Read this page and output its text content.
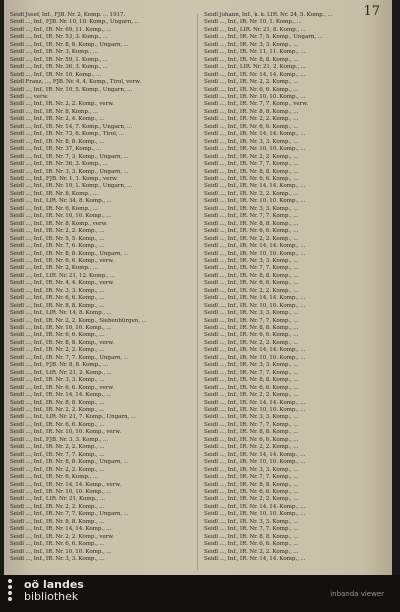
17

Seidl Josef, Inf., FJB. Nr. 2, Komp. ... 1917.

Seidl ..., Inf., FJB. Nr. 10, 10. Komp., Ungarn, ...

Seidl ..., Inf., IR. Nr. 69, 11. Komp., ...

Seidl ..., Inf., IR. Nr. 53, 3. Komp., ...

Seidl ..., Inf., IR. Nr. 8, 8. Komp., Ungarn, ...

Seidl ..., Inf., IR. Nr. 3, Komp., ...

Seidl ..., Inf., IR. Nr. 59, 1. Komp., ...

Seidl ..., Inf., IR. Nr. 36, 3. Komp., ...

Seidl ..., Inf., IR. Nr. 10, Komp., ...

Seidl Franz, ..., FJB. Nr. 4, 4. Komp., Tirol, verw.

Seidl ..., Inf., IR. Nr. 10, 5. Komp., Ungarn, ...

Seidl ..., verw.

Seidl ..., Inf., IR. Nr. 2, 2. Komp., verw.

Seidl ..., Inf., IR. Nr. 8, Komp., ...

Seidl ..., Inf., IR. Nr. 2, 4. Komp., ...

Seidl ..., Inf., IR. Nr. 14, 7. Komp., Ungarn, ...

Seidl ..., Inf., IR. Nr. 73, 6. Komp., Tirol, ...

Seidl ..., Inf., IR. Nr. 8, 8. Komp., ...

Seidl ..., Inf., IR. Nr. 37, Komp., ...

Seidl ..., Inf., IR. Nr. 7, 3. Komp., Ungarn, ...

Seidl ..., Inf., IR. Nr. 36, 3. Komp., ...

Seidl ..., Inf., IR. Nr. 3, 3. Komp., Ungarn, ...

Seidl ..., Inf., FJB. Nr. 1, 1. Komp., verw.

Seidl ..., Inf., IR. Nr. 10, 1. Komp., Ungarn, ...

Seidl ..., Inf., IR. Nr. 8, Komp., ...

Seidl ..., Inf., LIR. Nr. 34, 8. Komp., ...

Seidl ..., Inf., IR. Nr. 6, Komp., ...

Seidl ..., Inf., IR. Nr. 10, 10. Komp., ...

Seidl ..., Inf., IR. Nr. 8, Komp., verw.

Seidl ..., Inf., IR. Nr. 2, 2. Komp., ...

Seidl ..., Inf., IR. Nr. 5, 5. Komp., ...

Seidl ..., Inf., IR. Nr. 7, 6. Komp., ...

Seidl ..., Inf., IR. Nr. 8, 8. Komp., Ungarn, ...

Seidl ..., Inf., IR. Nr. 6, 6. Komp., verw.

Seidl ..., Inf., IR. Nr. 2, Komp., ...

Seidl ..., Inf., LIR. Nr. 21, 12. Komp., ...

Seidl ..., Inf., IR. Nr. 4, 4. Komp., verw.

Seidl ..., Inf., IR. Nr. 3, 3. Komp., ...

Seidl ..., Inf., IR. Nr. 6, 6. Komp., ...

Seidl ..., Inf., IR. Nr. 8, 8. Komp., ...

Seidl ..., Inf., LIR. Nr. 14, 8. Komp., ...

Seidl ..., Inf., IR. Nr. 2, 2. Komp., Siebenbürgen, ...

Seidl ..., Inf., IR. Nr. 10, 10. Komp., ...

Seidl ..., Inf., IR. Nr. 6, 6. Komp., ...

Seidl ..., Inf., IR. Nr. 8, 8. Komp., verw.

Seidl ..., Inf., IR. Nr. 2, 2. Komp., ...

Seidl ..., Inf., IR. Nr. 7, 7. Komp., Ungarn, ...

Seidl ..., Inf., FJB. Nr. 8, 8. Komp., ...

Seidl ..., Inf., LIR. Nr. 21, 2. Komp., ...

Seidl ..., Inf., IR. Nr. 3, 3. Komp., ...

Seidl ..., Inf., IR. Nr. 6, 6. Komp., verw.

Seidl ..., Inf., IR. Nr. 14, 14. Komp., ...

Seidl ..., Inf., IR. Nr. 8, 8. Komp., ...

Seidl ..., Inf., IR. Nr. 2, 2. Komp., ...

Seidl ..., Inf., LIR. Nr. 21, 7. Komp., Ungarn, ...

Seidl ..., Inf., IR. Nr. 6, 6. Komp., ...

Seidl ..., Inf., IR. Nr. 10, 10. Komp., verw.

Seidl ..., Inf., FJB. Nr. 3, 3. Komp., ...

Seidl ..., Inf., IR. Nr. 2, 2. Komp., ...

Seidl ..., Inf., IR. Nr. 7, 7. Komp., ...

Seidl ..., Inf., IR. Nr. 8, 8. Komp., Ungarn, ...

Seidl ..., Inf., IR. Nr. 2, 2. Komp., ...

Seidl ..., Inf., IR. Nr. 6, Komp., ...

Seidl ..., Inf., IR. Nr. 14, 14. Komp., verw.

Seidl ..., Inf., IR. Nr. 10, 10. Komp., ...

Seidl ..., Inf., LIR. Nr. 21, Komp., ...

Seidl ..., Inf., IR. Nr. 2, 2. Komp., ...

Seidl ..., Inf., IR. Nr. 7, 7. Komp., Ungarn, ...

Seidl ..., Inf., IR. Nr. 8, 8. Komp., ...

Seidl ..., Inf., IR. Nr. 14, 14. Komp., ...

Seidl ..., Inf., IR. Nr. 2, 2. Komp., verw.

Seidl ..., Inf., IR. Nr. 6, 6. Komp., ...

Seidl ..., Inf., IR. Nr. 10, 10. Komp., ...

Seidl ..., Inf., IR. Nr. 3, 3. Komp., ...

Seidl Johann, Inf., k. k. LIR. Nr. 24, 5. Komp., ...

Seidl ..., Inf., IR. Nr. 10, 1. Komp., ...

Seidl ..., Inf., LIR. Nr. 21, 8. Komp., ...

Seidl ..., Inf., IR. Nr. 7, 5. Komp., Ungarn, ...

Seidl ..., Inf., IR. Nr. 3, 3. Komp., ...

Seidl ..., Inf., IR. Nr. 11, 11. Komp., ...

Seidl ..., Inf., IR. Nr. 8, 8. Komp., ...

Seidl ..., Inf., LIR. Nr. 21, 2. Komp., ...

Seidl ..., Inf., IR. Nr. 14, 14. Komp., ...

Seidl ..., Inf., IR. Nr. 2, 2. Komp., ...

Seidl ..., Inf., IR. Nr. 6, 6. Komp., ...

Seidl ..., Inf., IR. Nr. 10, 10. Komp., ...

Seidl ..., Inf., IR. Nr. 7, 7. Komp., verw.

Seidl ..., Inf., IR. Nr. 8, 8. Komp., ...

Seidl ..., Inf., IR. Nr. 2, 2. Komp., ...

Seidl ..., Inf., IR. Nr. 6, 6. Komp., ...

Seidl ..., Inf., IR. Nr. 14, 14. Komp., ...

Seidl ..., Inf., IR. Nr. 3, 3. Komp., ...

Seidl ..., Inf., IR. Nr. 10, 10. Komp., ...

Seidl ..., Inf., IR. Nr. 2, 2. Komp., ...

Seidl ..., Inf., IR. Nr. 7, 7. Komp., ...

Seidl ..., Inf., IR. Nr. 8, 8. Komp., ...

Seidl ..., Inf., IR. Nr. 6, 6. Komp., ...

Seidl ..., Inf., IR. Nr. 14, 14. Komp., ...

Seidl ..., Inf., IR. Nr. 2, 2. Komp., ...

Seidl ..., Inf., IR. Nr. 10, 10. Komp., ...

Seidl ..., Inf., IR. Nr. 3, 3. Komp., ...

Seidl ..., Inf., IR. Nr. 7, 7. Komp., ...

Seidl ..., Inf., IR. Nr. 8, 8. Komp., ...

Seidl ..., Inf., IR. Nr. 6, 6. Komp., ...

Seidl ..., Inf., IR. Nr. 2, 2. Komp., ...

Seidl ..., Inf., IR. Nr. 14, 14. Komp., ...

Seidl ..., Inf., IR. Nr. 10, 10. Komp., ...

Seidl ..., Inf., IR. Nr. 3, 3. Komp., ...

Seidl ..., Inf., IR. Nr. 7, 7. Komp., ...

Seidl ..., Inf., IR. Nr. 8, 8. Komp., ...

Seidl ..., Inf., IR. Nr. 6, 6. Komp., ...

Seidl ..., Inf., IR. Nr. 2, 2. Komp., ...

Seidl ..., Inf., IR. Nr. 14, 14. Komp., ...

Seidl ..., Inf., IR. Nr. 10, 10. Komp., ...

Seidl ..., Inf., IR. Nr. 3, 3. Komp., ...

Seidl ..., Inf., IR. Nr. 7, 7. Komp., ...

Seidl ..., Inf., IR. Nr. 8, 8. Komp., ...

Seidl ..., Inf., IR. Nr. 6, 6. Komp., ...

Seidl ..., Inf., IR. Nr. 2, 2. Komp., ...

Seidl ..., Inf., IR. Nr. 14, 14. Komp., ...

Seidl ..., Inf., IR. Nr. 10, 10. Komp., ...

Seidl ..., Inf., IR. Nr. 3, 3. Komp., ...

Seidl ..., Inf., IR. Nr. 7, 7. Komp., ...

Seidl ..., Inf., IR. Nr. 8, 8. Komp., ...

Seidl ..., Inf., IR. Nr. 6, 6. Komp., ...

Seidl ..., Inf., IR. Nr. 2, 2. Komp., ...

Seidl ..., Inf., IR. Nr. 14, 14. Komp., ...

Seidl ..., Inf., IR. Nr. 10, 10. Komp., ...

Seidl ..., Inf., IR. Nr. 3, 3. Komp., ...

Seidl ..., Inf., IR. Nr. 7, 7. Komp., ...

Seidl ..., Inf., IR. Nr. 8, 8. Komp., ...

Seidl ..., Inf., IR. Nr. 6, 6. Komp., ...

Seidl ..., Inf., IR. Nr. 2, 2. Komp., ...

Seidl ..., Inf., IR. Nr. 14, 14. Komp., ...

Seidl ..., Inf., IR. Nr. 10, 10. Komp., ...

Seidl ..., Inf., IR. Nr. 3, 3. Komp., ...

Seidl ..., Inf., IR. Nr. 7, 7. Komp., ...

Seidl ..., Inf., IR. Nr. 8, 8. Komp., ...

Seidl ..., Inf., IR. Nr. 6, 6. Komp., ...

Seidl ..., Inf., IR. Nr. 2, 2. Komp., ...

Seidl ..., Inf., IR. Nr. 14, 14. Komp., ...

Seidl ..., Inf., IR. Nr. 10, 10. Komp., ...

Seidl ..., Inf., IR. Nr. 3, 3. Komp., ...

Seidl ..., Inf., IR. Nr. 7, 7. Komp., ...

Seidl ..., Inf., IR. Nr. 8, 8. Komp., ...

Seidl ..., Inf., IR. Nr. 6, 6. Komp., ...

Seidl ..., Inf., IR. Nr. 2, 2. Komp., ...

Seidl ..., Inf., IR. Nr. 14, 14. Komp., ...

oö landes
bibliothek	inbanda viewer
